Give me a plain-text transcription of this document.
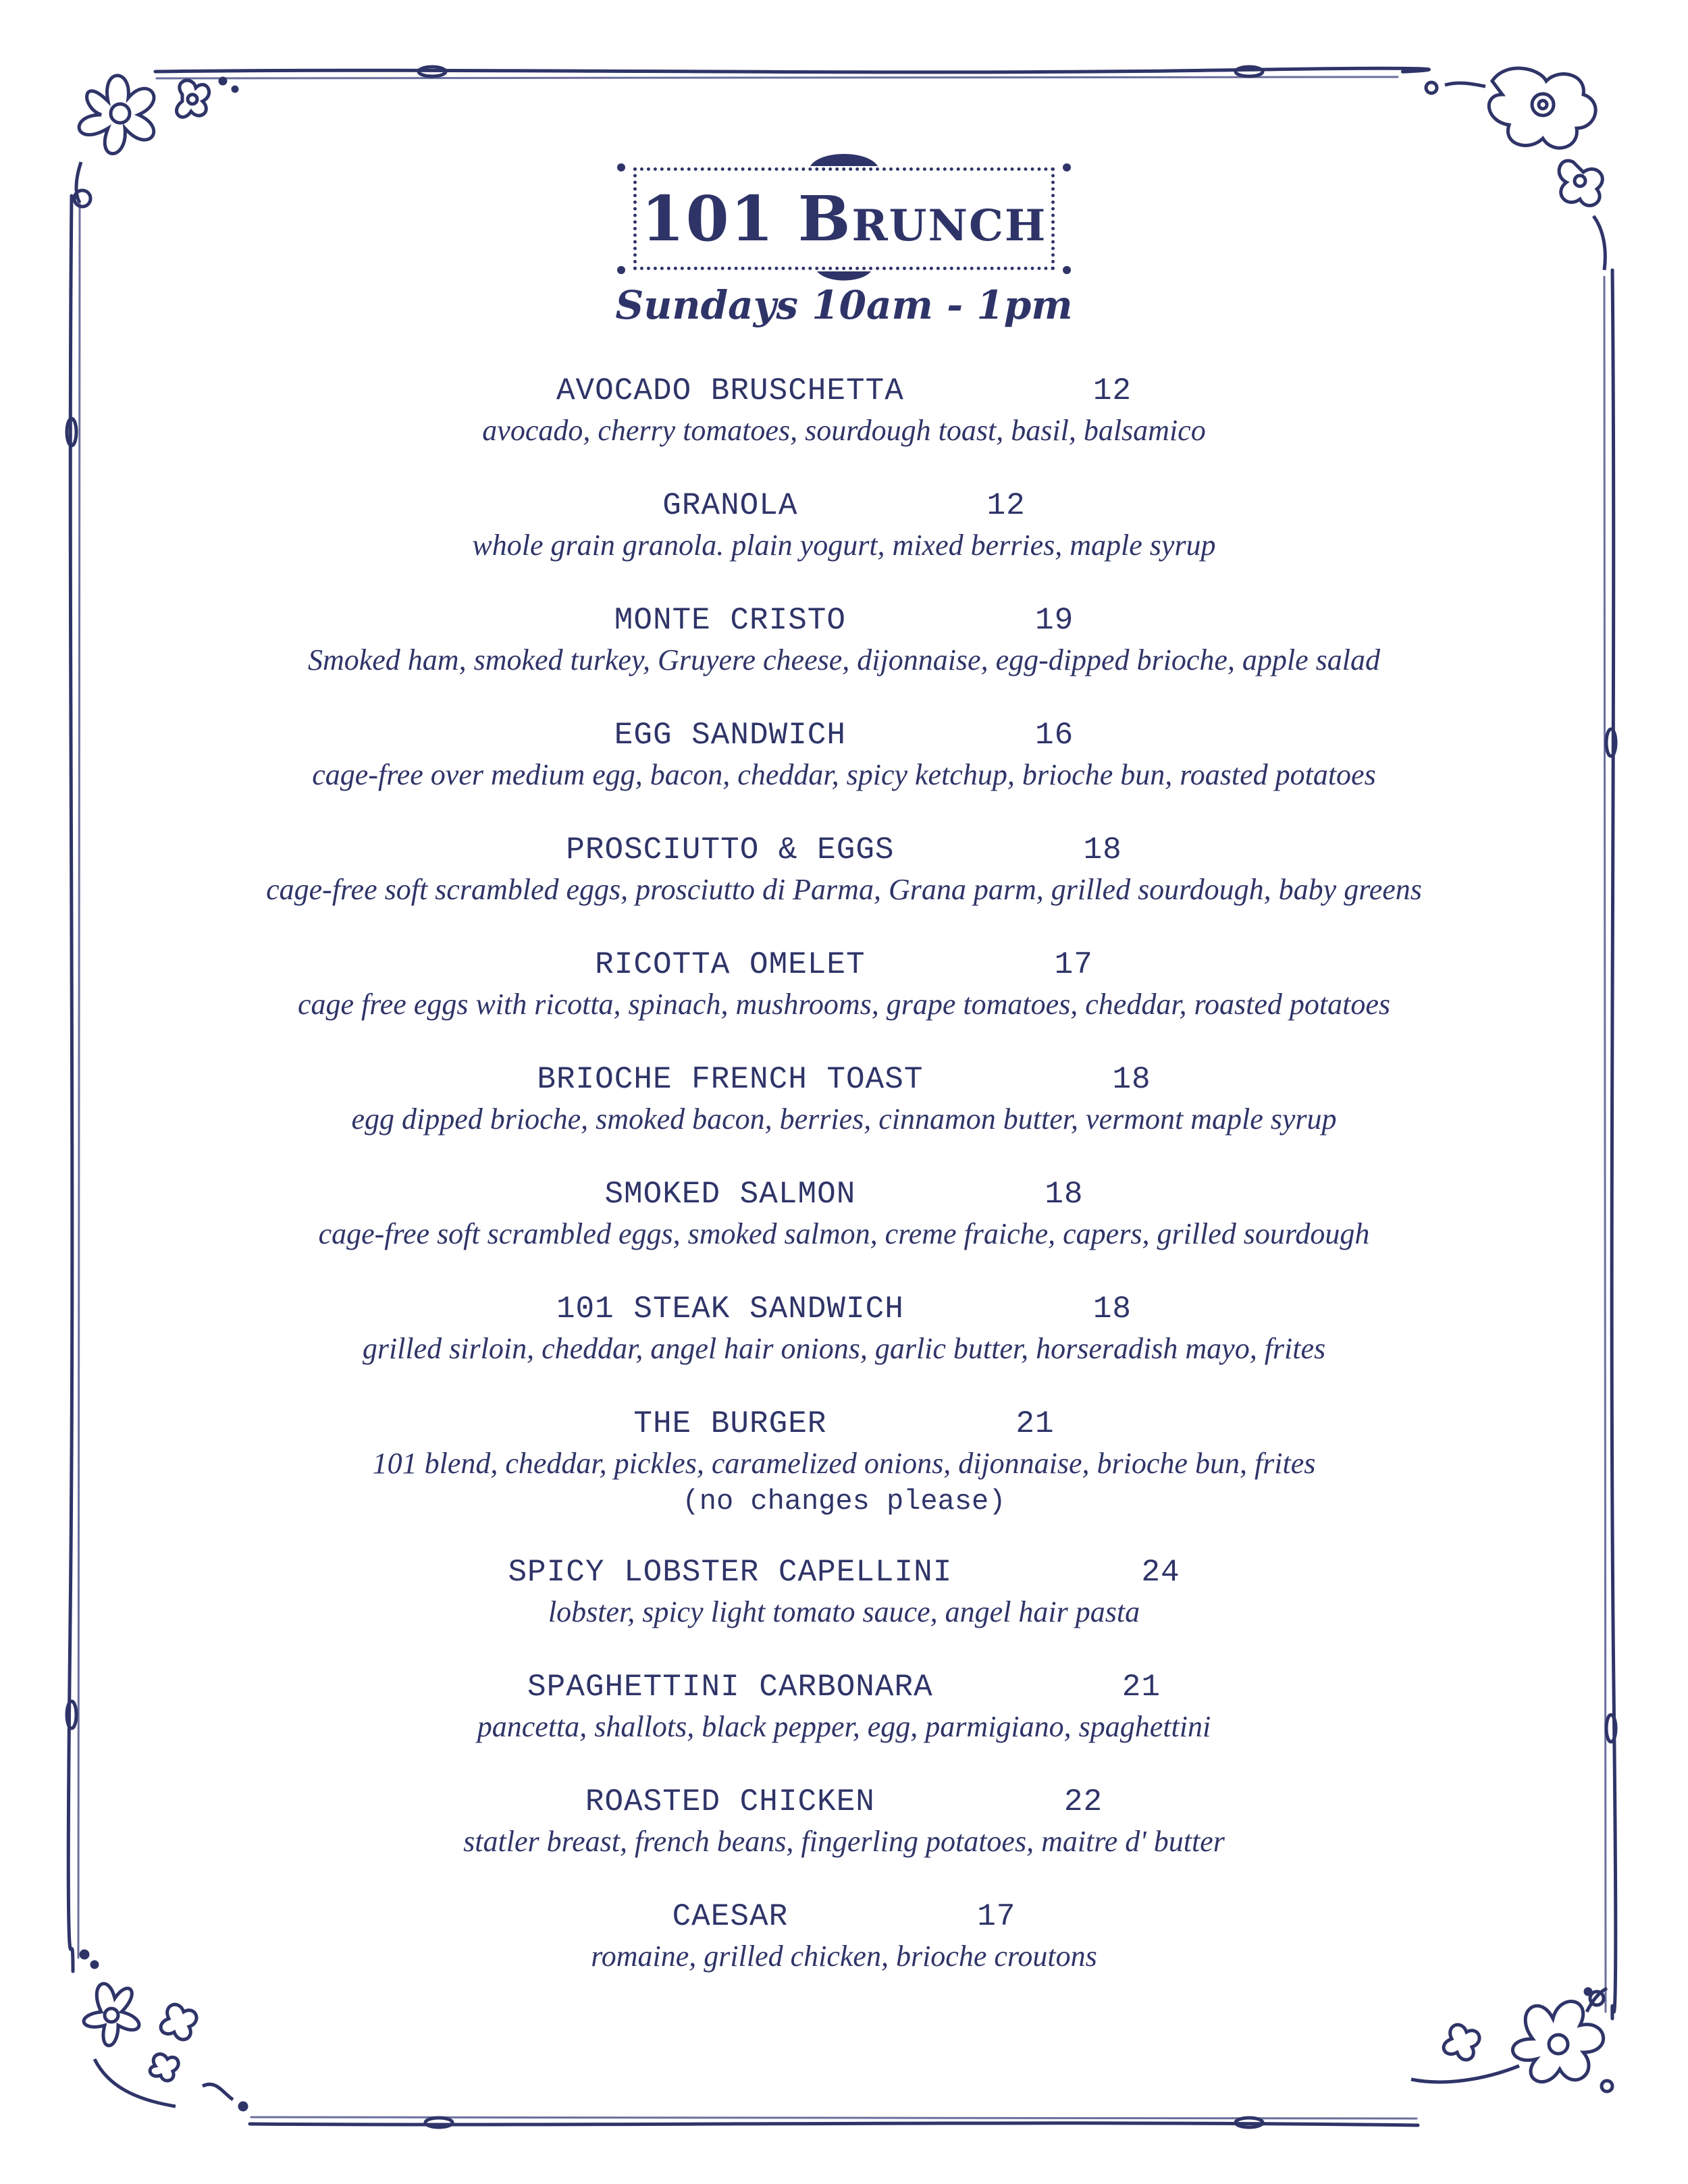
101 Brunch
Sundays 10am - 1pm
AVOCADO BRUSCHETTA	12
avocado, cherry tomatoes, sourdough toast, basil, balsamico
GRANOLA	12
whole grain granola. plain yogurt, mixed berries, maple syrup
MONTE CRISTO	19
Smoked ham, smoked turkey, Gruyere cheese, dijonnaise, egg-dipped brioche, apple salad
EGG SANDWICH	16
cage-free over medium egg, bacon, cheddar, spicy ketchup, brioche bun, roasted potatoes
PROSCIUTTO & EGGS	18
cage-free soft scrambled eggs, prosciutto di Parma, Grana parm, grilled sourdough, baby greens
RICOTTA OMELET	17
cage free eggs with ricotta, spinach, mushrooms, grape tomatoes, cheddar, roasted potatoes
BRIOCHE FRENCH TOAST	18
egg dipped brioche, smoked bacon, berries, cinnamon butter, vermont maple syrup
SMOKED SALMON	18
cage-free soft scrambled eggs, smoked salmon, creme fraiche, capers, grilled sourdough
101 STEAK SANDWICH	18
grilled sirloin, cheddar, angel hair onions, garlic butter, horseradish mayo, frites
THE BURGER	21
101 blend, cheddar, pickles, caramelized onions, dijonnaise, brioche bun, frites
(no changes please)
SPICY LOBSTER CAPELLINI	24
lobster, spicy light tomato sauce, angel hair pasta
SPAGHETTINI CARBONARA	21
pancetta, shallots, black pepper, egg, parmigiano, spaghettini
ROASTED CHICKEN	22
statler breast, french beans, fingerling potatoes, maitre d' butter
CAESAR	17
romaine, grilled chicken, brioche croutons
